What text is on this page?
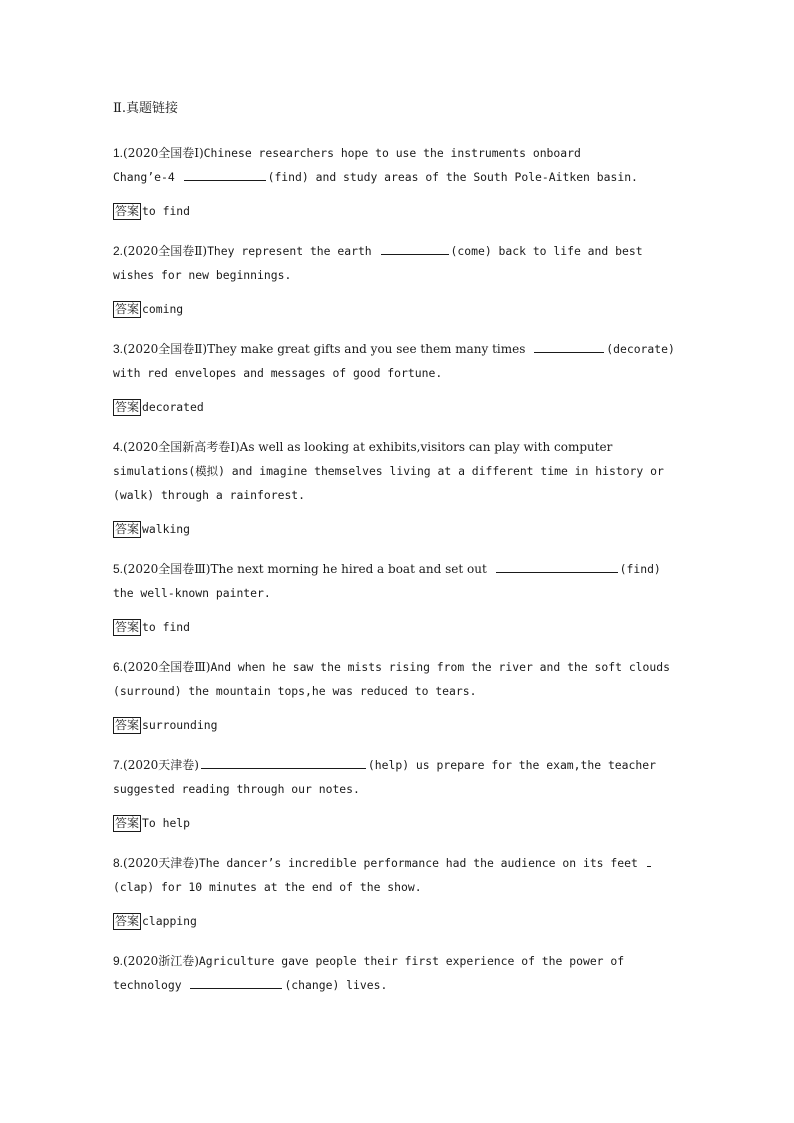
Ⅱ.真题链接
1.(2020全国卷Ⅰ)Chinese researchers hope to use the instruments onboard
Chang’e-4	(find) and study areas of the South Pole-Aitken basin.
答案 to find
2.(2020全国卷Ⅱ)They represent the earth	(come) back to life and best
wishes for new beginnings.
答案 coming
3.(2020全国卷Ⅱ)They make great gifts and you see them many times	(decorate)
with red envelopes and messages of good fortune.
答案 decorated
4.(2020全国新高考卷Ⅰ)As well as looking at exhibits,visitors can play with computer
simulations(模拟) and imagine themselves living at a different time in history or
(walk) through a rainforest.
答案 walking
5.(2020全国卷Ⅲ)The next morning he hired a boat and set out	(find)
the well-known painter.
答案 to find
6.(2020全国卷Ⅲ)And when he saw the mists rising from the river and the soft clouds
(surround) the mountain tops,he was reduced to tears.
答案 surrounding
7.(2020天津卷)	(help) us prepare for the exam,the teacher
suggested reading through our notes.
答案 To help
8.(2020天津卷)The dancer’s incredible performance had the audience on its feet
(clap) for 10 minutes at the end of the show.
答案 clapping
9.(2020浙江卷)Agriculture gave people their first experience of the power of
technology	(change) lives.
